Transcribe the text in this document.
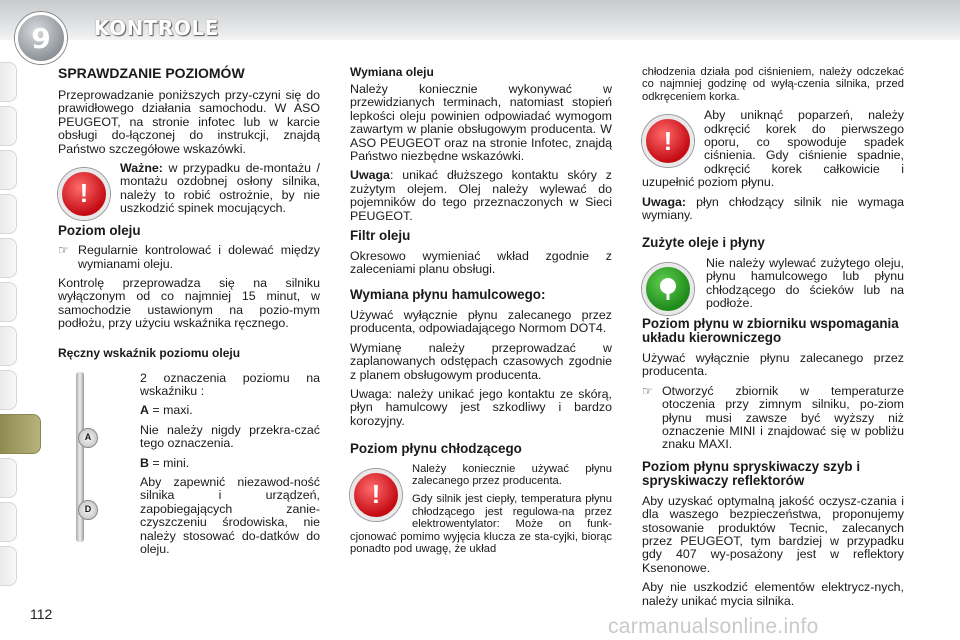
9	KONTROLE
SPRAWDZANIE POZIOMÓW

Przeprowadzanie poniższych przy-czyni się do prawidłowego działania samochodu. W ASO PEUGEOT, na stronie infotec lub w karcie obsługi do-łączonej do instrukcji, znajdą Państwo szczegółowe wskazówki.

!

Ważne: w przypadku de-montażu / montażu ozdobnej osłony silnika, należy to robić ostrożnie, by nie uszkodzić spinek mocujących.

Poziom oleju
☞ Regularnie kontrolować i dolewać między wymianami oleju.

Kontrolę przeprowadza się na silniku wyłączonym od co najmniej 15 minut, w samochodzie ustawionym na pozio-mym podłożu, przy użyciu wskaźnika ręcznego.

Ręczny wskaźnik poziomu oleju
A
D

2 oznaczenia poziomu na wskaźniku :

A = maxi.

Nie należy nigdy przekra-czać tego oznaczenia.

B = mini.

Aby zapewnić niezawod-ność silnika i urządzeń, zapobiegających zanie-czyszczeniu środowiska, nie należy stosować do-datków do oleju.

Wymiana oleju

Należy koniecznie wykonywać w przewidzianych terminach, natomiast stopień lepkości oleju powinien odpowiadać wymogom zawartym w planie obsługowym producenta. W ASO PEUGEOT oraz na stronie Infotec, znajdą Państwo niezbędne wskazówki.

Uwaga: unikać dłuższego kontaktu skóry z zużytym olejem. Olej należy wylewać do pojemników do tego przeznaczonych w Sieci PEUGEOT.

Filtr oleju

Okresowo wymieniać wkład zgodnie z zaleceniami planu obsługi.

Wymiana płynu hamulcowego:

Używać wyłącznie płynu zalecanego przez producenta, odpowiadającego Normom DOT4.

Wymianę należy przeprowadzać w zaplanowanych odstępach czasowych zgodnie z planem obsługowym producenta.

Uwaga: należy unikać jego kontaktu ze skórą, płyn hamulcowy jest szkodliwy i bardzo korozyjny.

Poziom płynu chłodzącego
!

Należy koniecznie używać płynu zalecanego przez producenta.

Gdy silnik jest ciepły, temperatura płynu chłodzącego jest regulowa-na przez elektrowentylator: Może on funk-cjonować pomimo wyjęcia klucza ze sta-cyjki, biorąc ponadto pod uwagę, że układ

chłodzenia działa pod ciśnieniem, należy odczekać co najmniej godzinę od wyłą-czenia silnika, przed odkręceniem korka.

!

Aby uniknąć poparzeń, należy odkręcić korek do pierwszego oporu, co spowoduje spadek ciśnienia. Gdy ciśnienie spadnie, odkręcić korek całkowicie i uzupełnić poziom płynu.

Uwaga: płyn chłodzący silnik nie wymaga wymiany.

Zużyte oleje i płyny

Nie należy wylewać zużytego oleju, płynu hamulcowego lub płynu chłodzącego do ścieków lub na podłoże.

Poziom płynu w zbiorniku wspomagania układu kierowniczego

Używać wyłącznie płynu zalecanego przez producenta.

☞ Otworzyć zbiornik w temperaturze otoczenia przy zimnym silniku, po-ziom płynu musi zawsze być wyższy niż oznaczenie MINI i znajdować się w pobliżu znaku MAXI.
Poziom płynu spryskiwaczy szyb i spryskiwaczy reflektorów

Aby uzyskać optymalną jakość oczysz-czania i dla waszego bezpieczeństwa, proponujemy stosowanie produktów Tecnic, zalecanych przez PEUGEOT, tym bardziej w przypadku gdy 407 wy-posażony jest w reflektory Ksenonowe.

Aby nie uszkodzić elementów elektrycz-nych, należy unikać mycia silnika.

112
carmanualsonline.info
